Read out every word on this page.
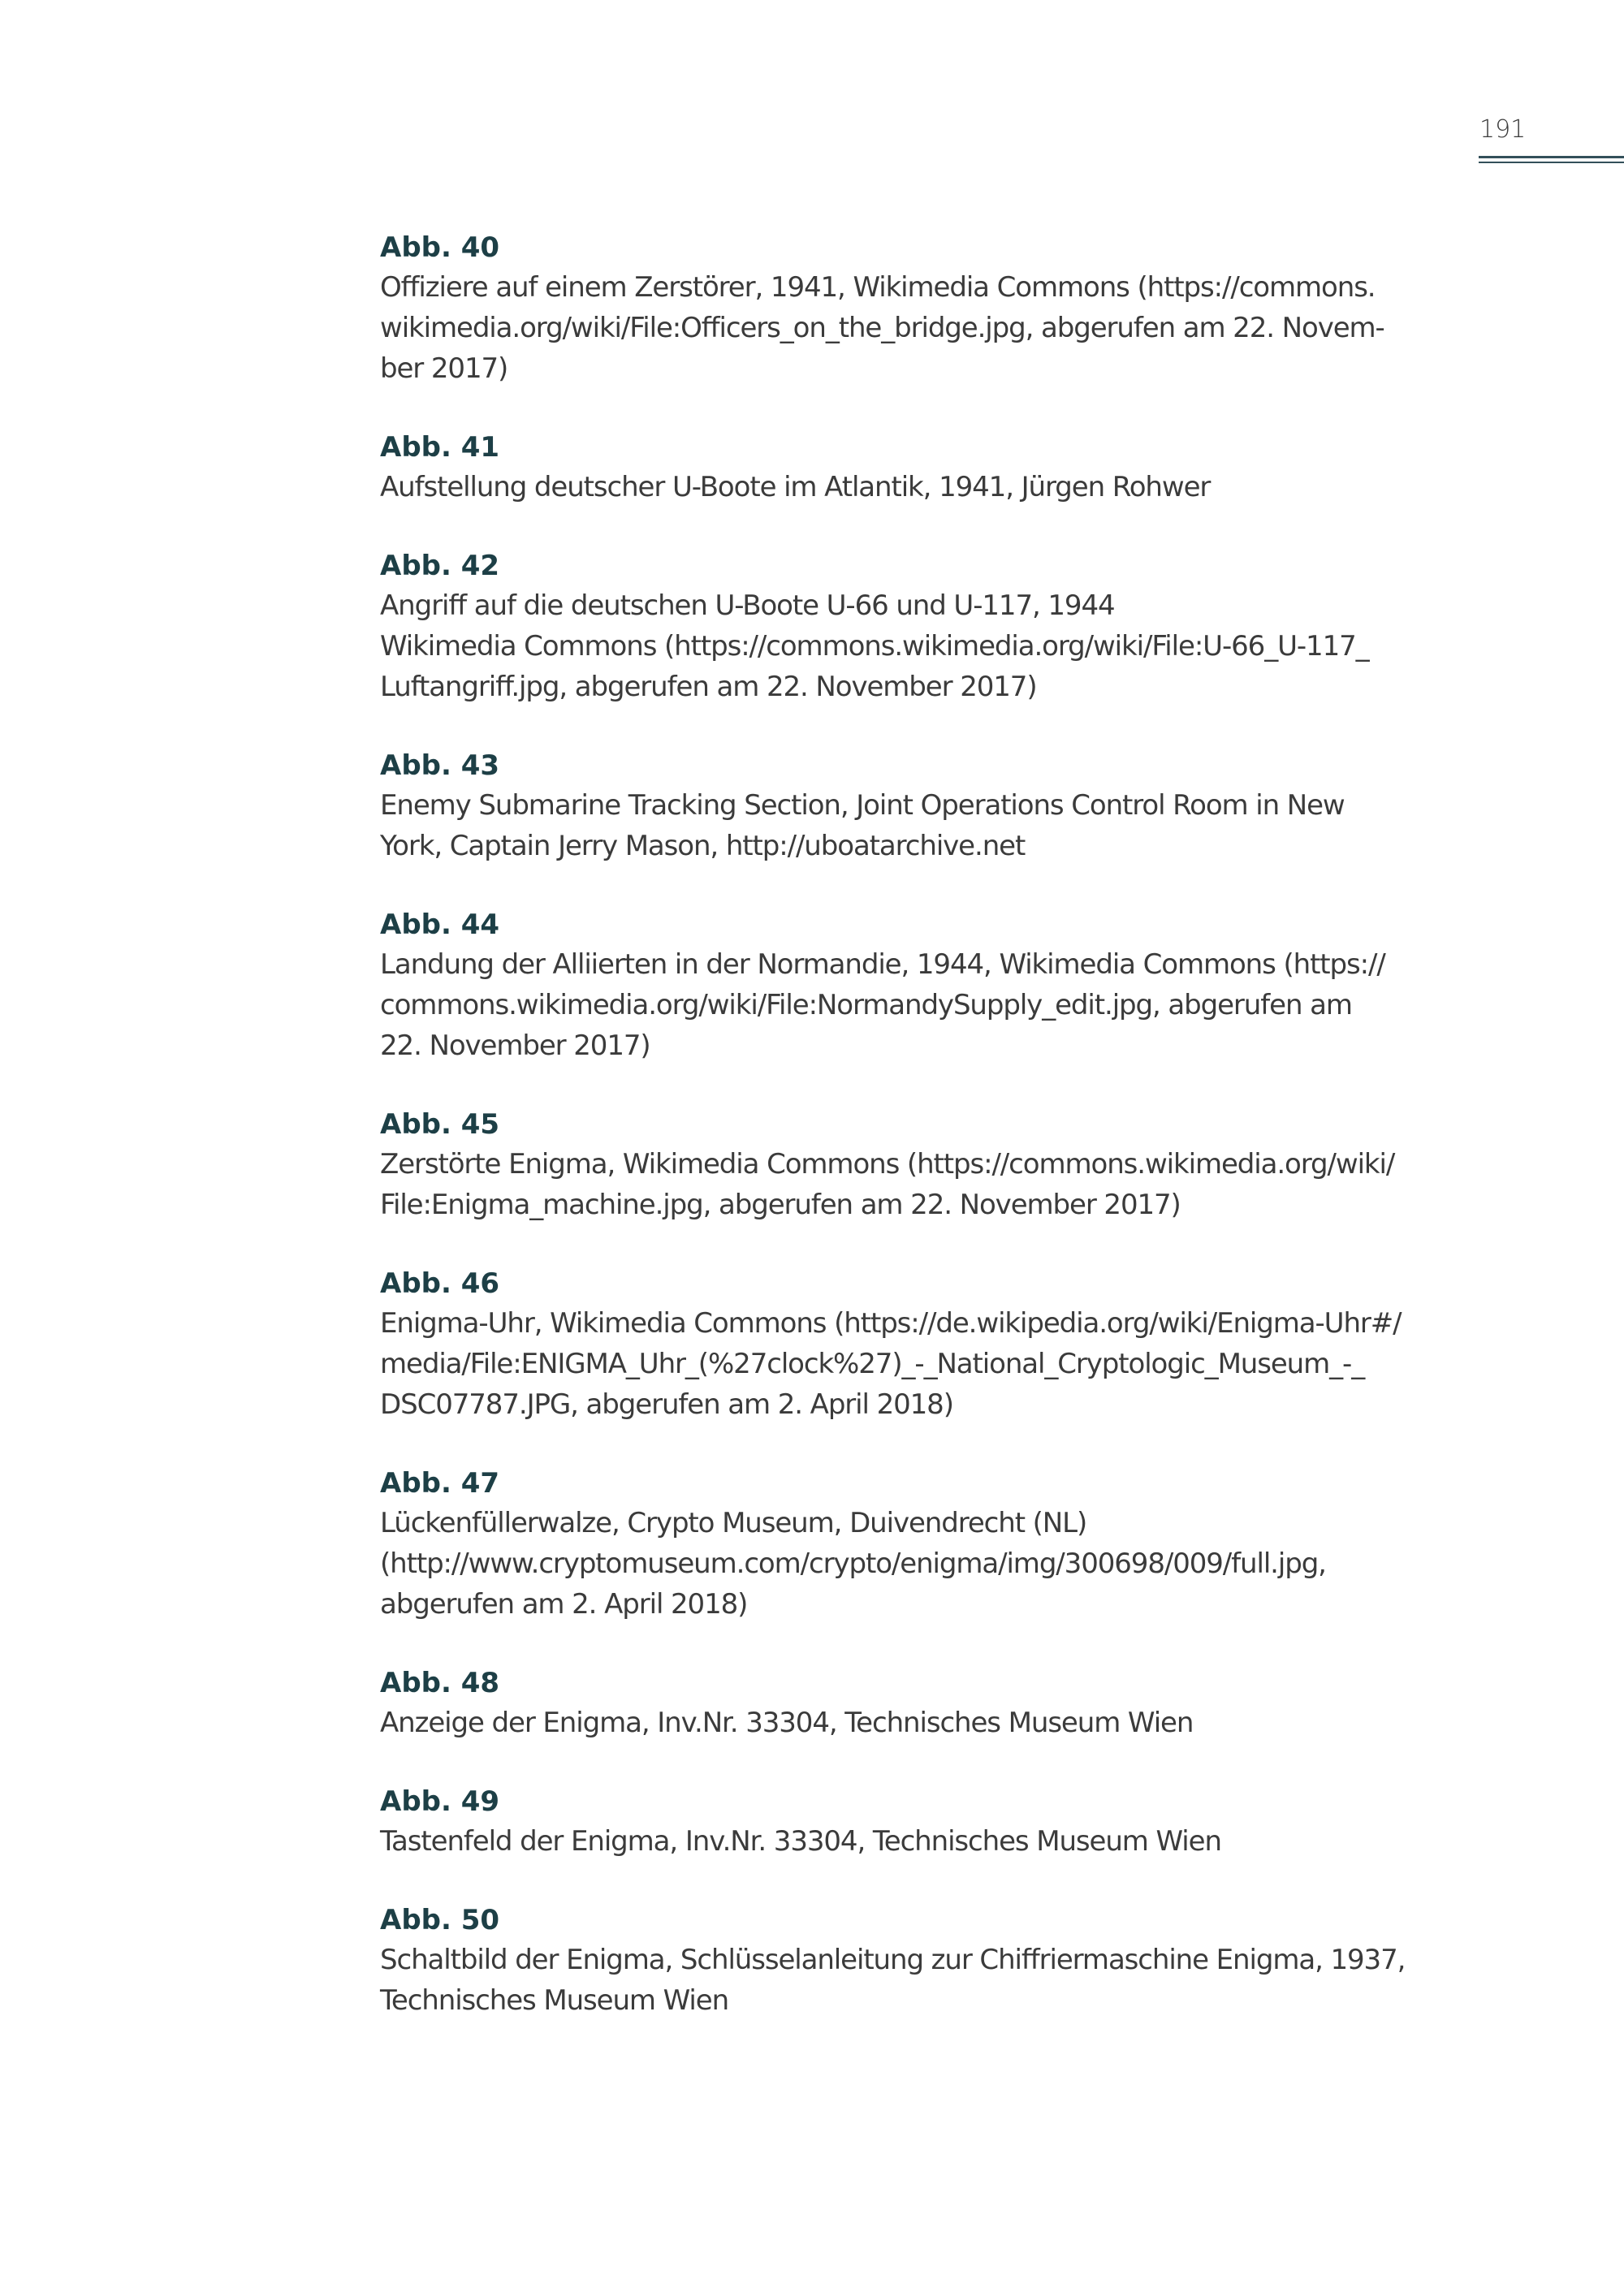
191
Abb. 40
Offiziere auf einem Zerstörer, 1941, Wikimedia Commons (https://commons.
wikimedia.org/wiki/File:Officers_on_the_bridge.jpg, abgerufen am 22. Novem-
ber 2017)
Abb. 41
Aufstellung deutscher U-Boote im Atlantik, 1941, Jürgen Rohwer
Abb. 42
Angriff auf die deutschen U-Boote U-66 und U-117, 1944
Wikimedia Commons (https://commons.wikimedia.org/wiki/File:U-66_U-117_
Luftangriff.jpg, abgerufen am 22. November 2017)
Abb. 43
Enemy Submarine Tracking Section, Joint Operations Control Room in New
York, Captain Jerry Mason, http://uboatarchive.net
Abb. 44
Landung der Alliierten in der Normandie, 1944, Wikimedia Commons (https://
commons.wikimedia.org/wiki/File:NormandySupply_edit.jpg, abgerufen am
22. November 2017)
Abb. 45
Zerstörte Enigma, Wikimedia Commons (https://commons.wikimedia.org/wiki/
File:Enigma_machine.jpg, abgerufen am 22. November 2017)
Abb. 46
Enigma-Uhr, Wikimedia Commons (https://de.wikipedia.org/wiki/Enigma-Uhr#/
media/File:ENIGMA_Uhr_(%27clock%27)_-_National_Cryptologic_Museum_-_
DSC07787.JPG, abgerufen am 2. April 2018)
Abb. 47
Lückenfüllerwalze, Crypto Museum, Duivendrecht (NL)
(http://www.cryptomuseum.com/crypto/enigma/img/300698/009/full.jpg,
abgerufen am 2. April 2018)
Abb. 48
Anzeige der Enigma, Inv.Nr. 33304, Technisches Museum Wien
Abb. 49
Tastenfeld der Enigma, Inv.Nr. 33304, Technisches Museum Wien
Abb. 50
Schaltbild der Enigma, Schlüsselanleitung zur Chiffriermaschine Enigma, 1937,
Technisches Museum Wien
